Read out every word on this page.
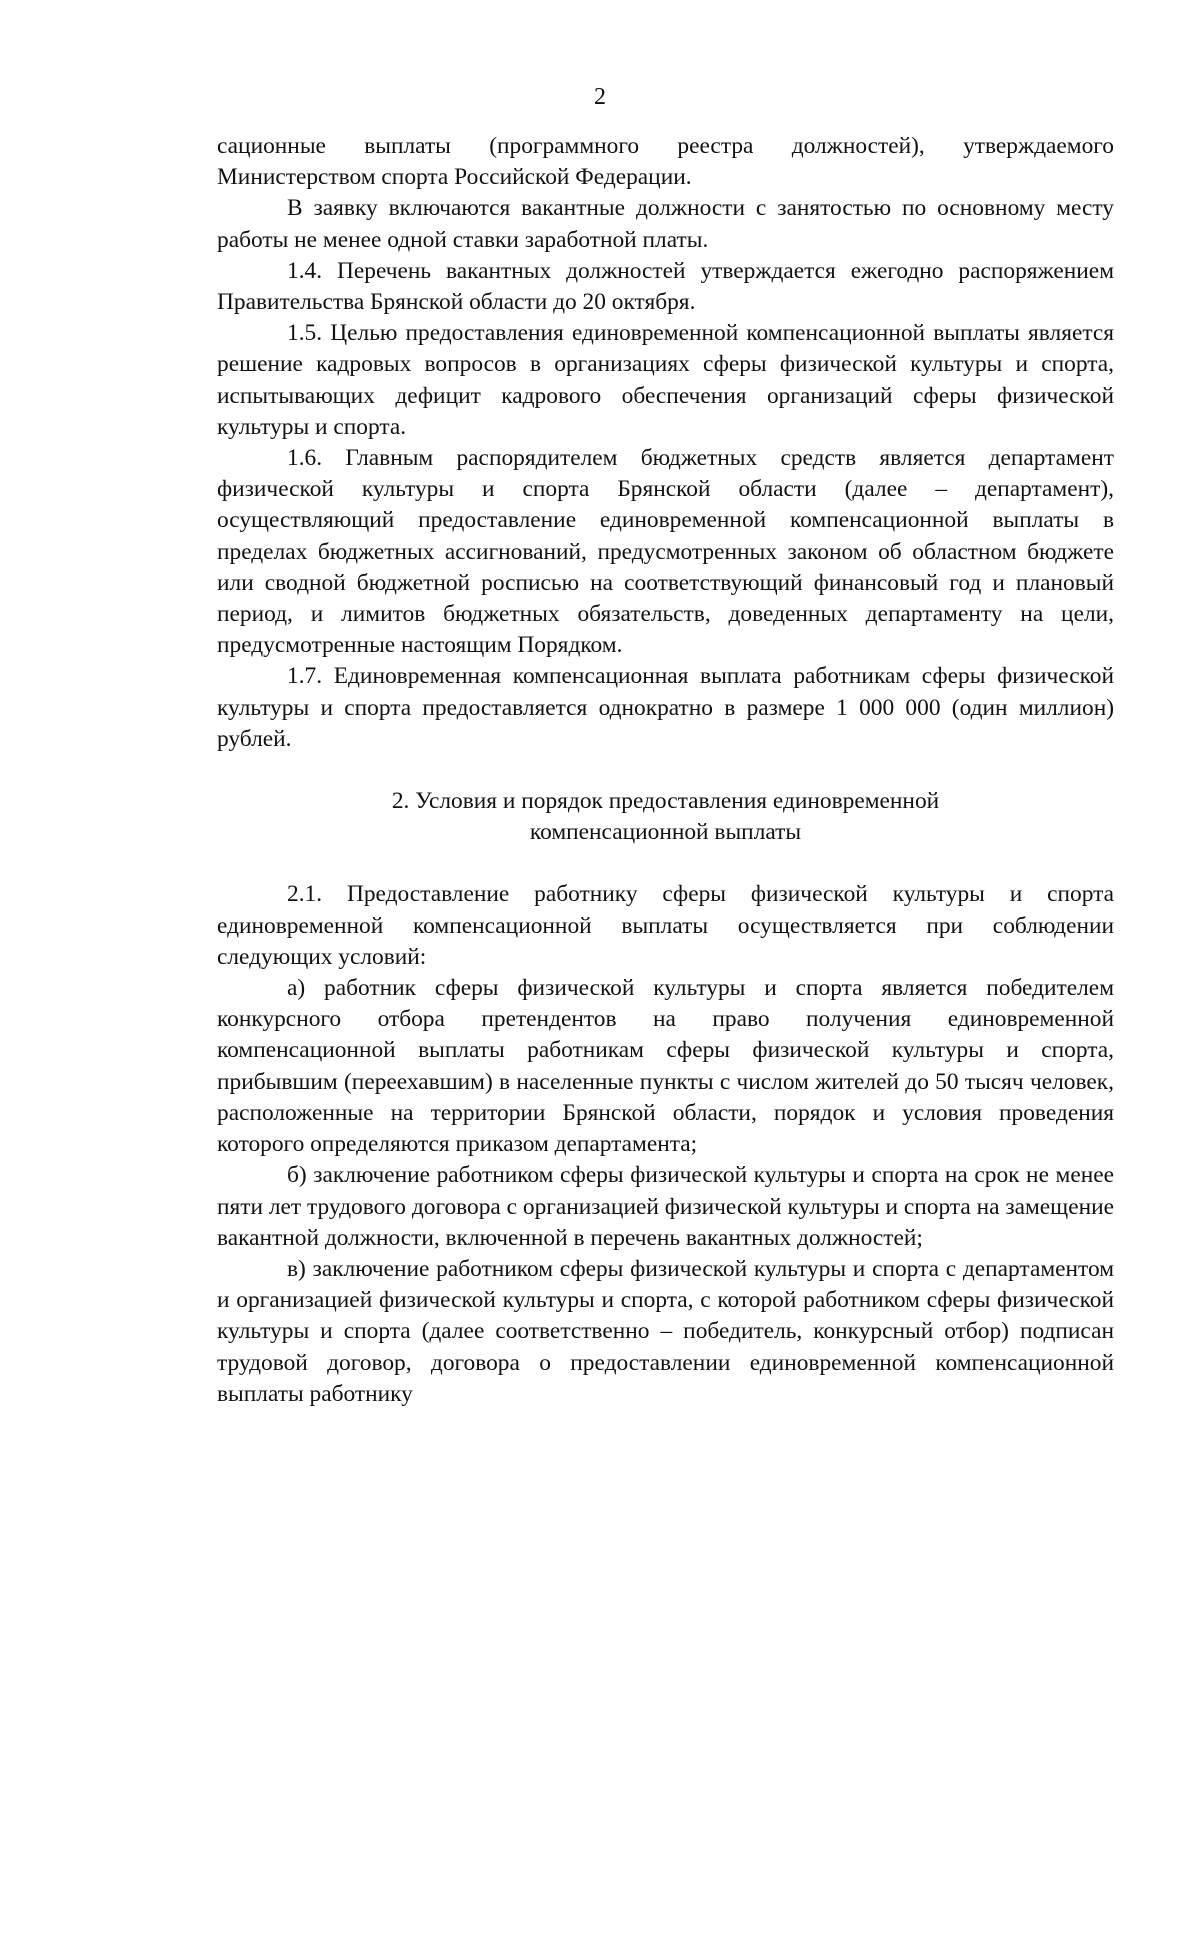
2

сационные выплаты (программного реестра должностей), утверждаемого Министерством спорта Российской Федерации.

В заявку включаются вакантные должности с занятостью по основному месту работы не менее одной ставки заработной платы.

1.4. Перечень вакантных должностей утверждается ежегодно распоряжением Правительства Брянской области до 20 октября.

1.5. Целью предоставления единовременной компенсационной выплаты является решение кадровых вопросов в организациях сферы физической культуры и спорта, испытывающих дефицит кадрового обеспечения организаций сферы физической культуры и спорта.

1.6. Главным распорядителем бюджетных средств является департамент физической культуры и спорта Брянской области (далее – департамент), осуществляющий предоставление единовременной компенсационной выплаты в пределах бюджетных ассигнований, предусмотренных законом об областном бюджете или сводной бюджетной росписью на соответствующий финансовый год и плановый период, и лимитов бюджетных обязательств, доведенных департаменту на цели, предусмотренные настоящим Порядком.

1.7. Единовременная компенсационная выплата работникам сферы физической культуры и спорта предоставляется однократно в размере 1 000 000 (один миллион) рублей.

2. Условия и порядок предоставления единовременной
компенсационной выплаты

2.1. Предоставление работнику сферы физической культуры и спорта единовременной компенсационной выплаты осуществляется при соблюдении следующих условий:

а) работник сферы физической культуры и спорта является победителем конкурсного отбора претендентов на право получения единовременной компенсационной выплаты работникам сферы физической культуры и спорта, прибывшим (переехавшим) в населенные пункты с числом жителей до 50 тысяч человек, расположенные на территории Брянской области, порядок и условия проведения которого определяются приказом департамента;

б) заключение работником сферы физической культуры и спорта на срок не менее пяти лет трудового договора с организацией физической культуры и спорта на замещение вакантной должности, включенной в перечень вакантных должностей;

в) заключение работником сферы физической культуры и спорта с департаментом и организацией физической культуры и спорта, с которой работником сферы физической культуры и спорта (далее соответственно – победитель, конкурсный отбор) подписан трудовой договор, договора о предоставлении единовременной компенсационной выплаты работнику
